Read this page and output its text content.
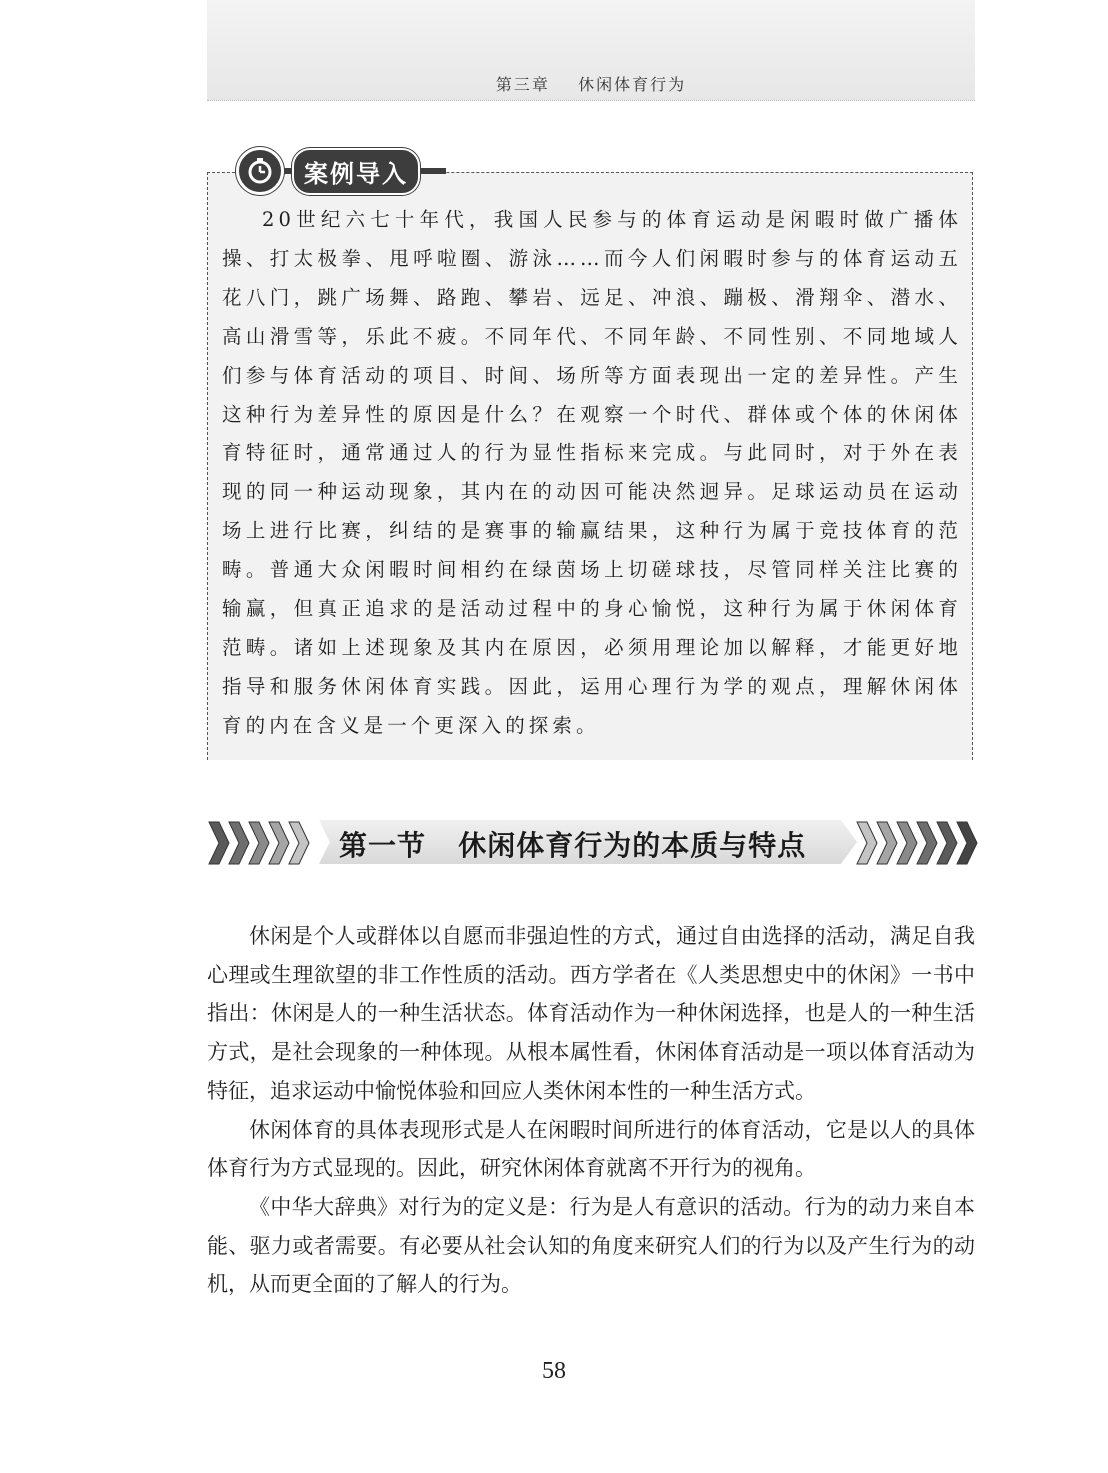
第三章    休闲体育行为
案例导入

20世纪六七十年代，我国人民参与的体育运动是闲暇时做广播体操、打太极拳、甩呼啦圈、游泳……而今人们闲暇时参与的体育运动五花八门，跳广场舞、路跑、攀岩、远足、冲浪、蹦极、滑翔伞、潜水、高山滑雪等，乐此不疲。不同年代、不同年龄、不同性别、不同地域人们参与体育活动的项目、时间、场所等方面表现出一定的差异性。产生这种行为差异性的原因是什么？在观察一个时代、群体或个体的休闲体育特征时，通常通过人的行为显性指标来完成。与此同时，对于外在表现的同一种运动现象，其内在的动因可能决然迥异。足球运动员在运动场上进行比赛，纠结的是赛事的输赢结果，这种行为属于竞技体育的范畴。普通大众闲暇时间相约在绿茵场上切磋球技，尽管同样关注比赛的输赢，但真正追求的是活动过程中的身心愉悦，这种行为属于休闲体育范畴。诸如上述现象及其内在原因，必须用理论加以解释，才能更好地指导和服务休闲体育实践。因此，运用心理行为学的观点，理解休闲体育的内在含义是一个更深入的探索。

第一节   休闲体育行为的本质与特点

休闲是个人或群体以自愿而非强迫性的方式，通过自由选择的活动，满足自我心理或生理欲望的非工作性质的活动。西方学者在《人类思想史中的休闲》一书中指出：休闲是人的一种生活状态。体育活动作为一种休闲选择，也是人的一种生活方式，是社会现象的一种体现。从根本属性看，休闲体育活动是一项以体育活动为特征，追求运动中愉悦体验和回应人类休闲本性的一种生活方式。

休闲体育的具体表现形式是人在闲暇时间所进行的体育活动，它是以人的具体体育行为方式显现的。因此，研究休闲体育就离不开行为的视角。

《中华大辞典》对行为的定义是：行为是人有意识的活动。行为的动力来自本能、驱力或者需要。有必要从社会认知的角度来研究人们的行为以及产生行为的动机，从而更全面的了解人的行为。

58
